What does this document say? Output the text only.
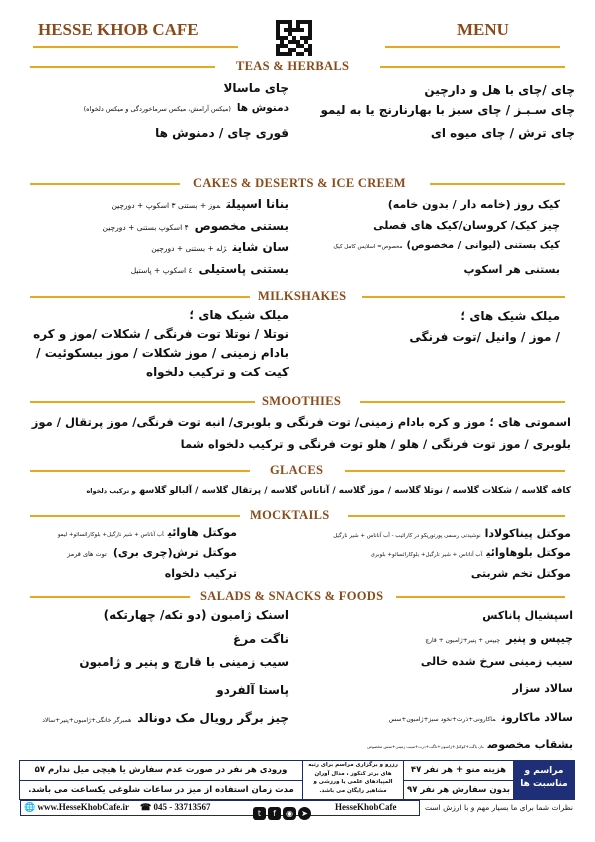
HESSE KHOB CAFE	MENU
TEAS & HERBALS
چای /چای با هل و دارچین
چای سـبـز / چای سبز با بهارنارنج یا به لیمو
چای ترش / چای میوه ای
چای ماسالا
دمنوش ها(میکس آرامش، میکس سرماخوردگی و میکس دلخواه)
قوری چای / دمنوش ها
CAKES & DESERTS & ICE CREEM
کیک روز (خامه دار / بدون خامه)
چیز کیک/ کروسان/کیک های فصلی
کیک بستنی (لیوانی / مخصوص)مخصوص= اسلایس کامل کیک
بستنی هر اسکوپ
بنانا اسپیلتموز + بستنی ۳ اسکوپ + دورچین
بستنی مخصوص۴ اسکوپ بستنی + دورچین
سان شاینژله + بستنی + دورچین
بستنی پاستیلی٤ اسکوپ + پاستیل
MILKSHAKES
میلک شیک های ؛
/ موز / وانیل /توت فرنگی
میلک شیک های ؛
نوتلا / نوتلا توت فرنگی / شکلات /موز و کره
بادام زمینی / موز شکلات / موز بیسکوئیت /
کیت کت و ترکیب دلخواه
SMOOTHIES
اسموتی های ؛ موز و کره بادام زمینی/ توت فرنگی و بلوبری/ انبه توت فرنگی/ موز پرتقال / موز
بلوبری / موز توت فرنگی / هلو / هلو توت فرنگی و ترکیب دلخواه شما
GLACES
کافه گلاسه / شکلات گلاسه / نوتلا گلاسه / موز گلاسه / آناناس گلاسه / پرتقال گلاسه / آلبالو گلاسهو ترکیب دلخواه
MOCKTAILS
موکتل پیناکولادانوشیدنی رسمی پورتوریکو در کارائیب - آب آناناس + شیر نارگیل
موکتل بلوهاوائیآب آناناس + شیر نارگیل+ بلوکارائسائو+ بلوبری
موکتل تخم شربتی
موکتل هاوائیآب آناناس + شیر نارگیل+ بلوکارائسائو+ لیمو
موکتل ترش(چری بری)توت های قرمز
ترکیب دلخواه
SALADS & SNACKS & FOODS
اسپشیال پاناکس
چیپس و پنیرچیپس + پنیر+ژامبون + قارچ
سیب زمینی سرخ شده خالی
سالاد سزار
سالاد ماکارونماکارونی+ذرت+نخود سبز+ژامبون+سس
بشقاب مخصوصنان باگت+کوکتل+ژامبون+ناگت+ذرت+سیب زمینی+سس مخصوص
اسنک ژامبون (دو تکه/ چهارتکه)
ناگت مرغ
سیب زمینی با قارچ و پنیر و ژامبون
پاستا آلفردو
چیز برگر رویال مک دونالدهمبرگر خانگی+ژامبون+پنیر+سالاد
مراسم و مناسبت ها
هزینه منو + هر نفر ۴۷
بدون سفارش هر نفر ۹۷
رزرو و برگزاری مراسم برای رتبه های برتر کنکور ، مدال آوران المپیادهای علمی یا ورزشی و مشاهیر رایگان می باشد.
ورودی هر نفر در صورت عدم سفارش یا هیچی میل ندارم ۵۷
مدت زمان استفاده از میز در ساعات شلوغی یکساعت می باشد.
نظرات شما برای ما بسیار مهم و با ارزش است
🌐 www.HesseKhobCafe.ir ☎ 045 - 33713567
t f ◉ ➤
HesseKhobCafe
